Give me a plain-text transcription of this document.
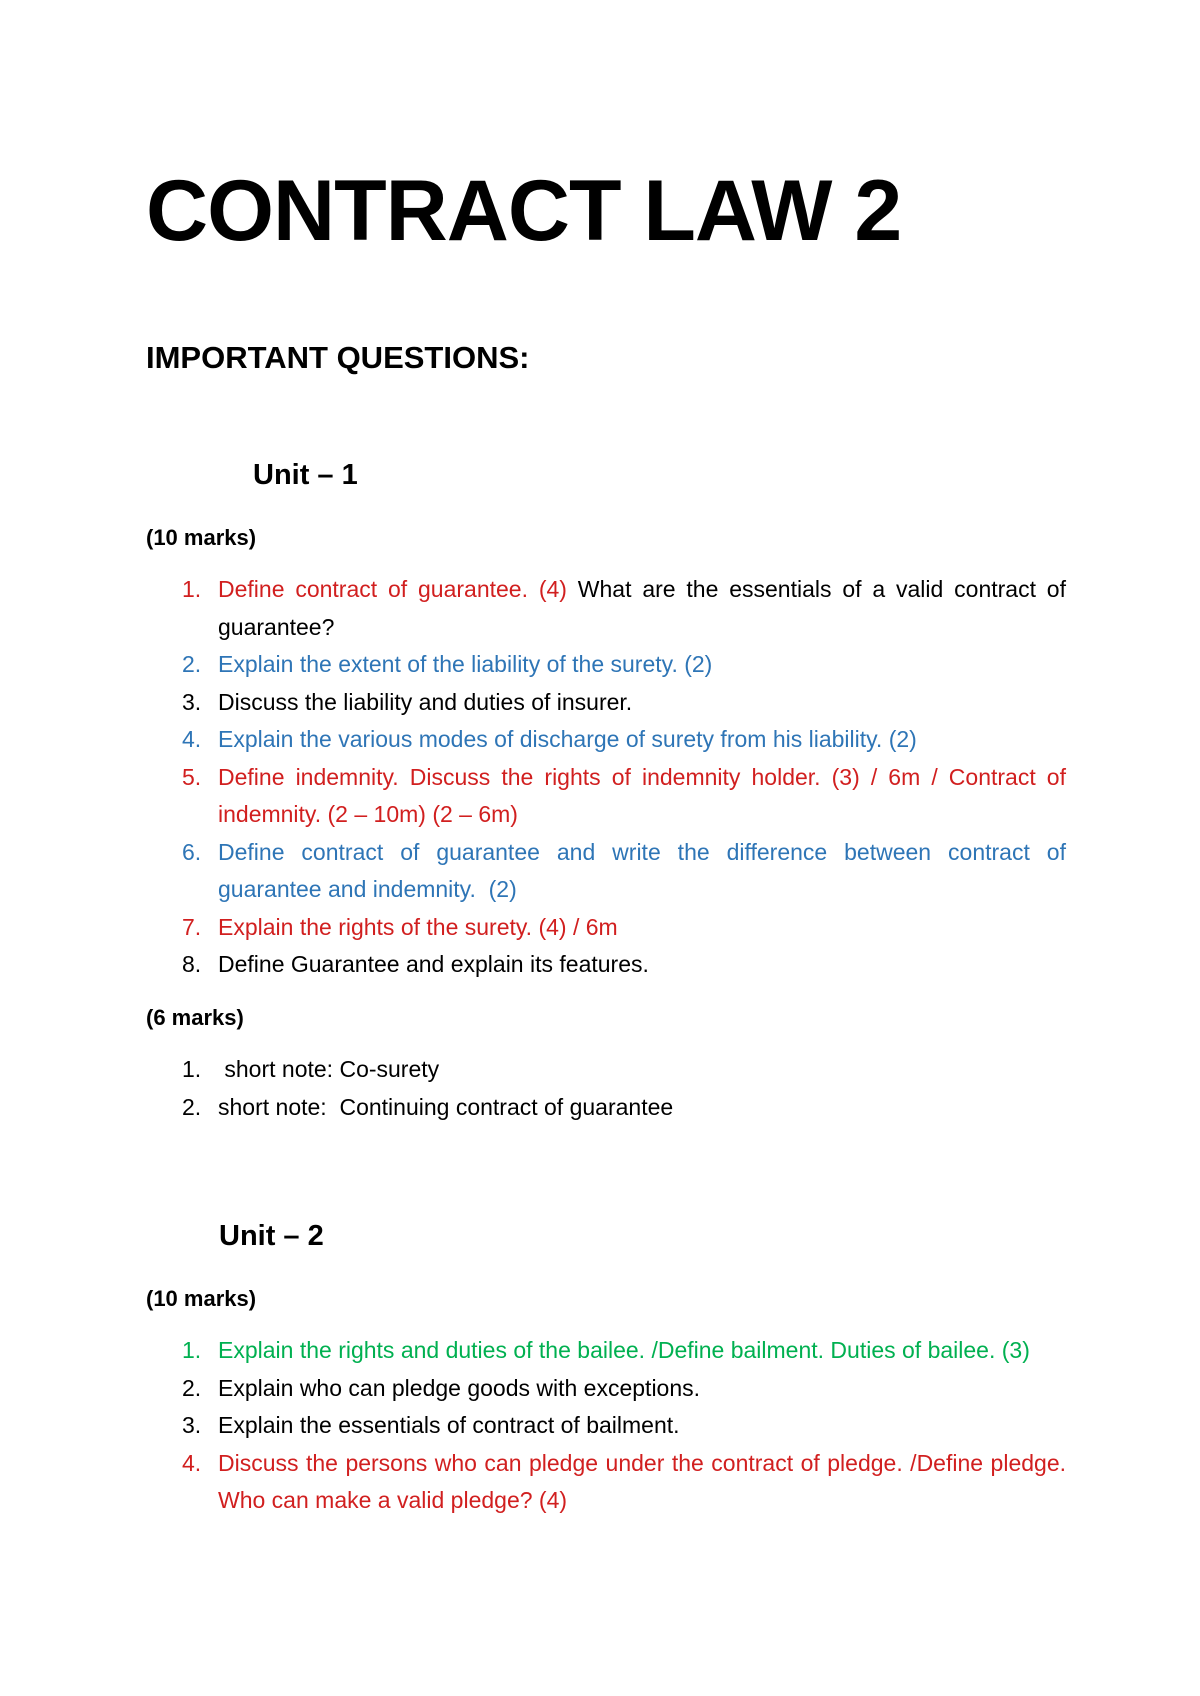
CONTRACT LAW 2
IMPORTANT QUESTIONS:
Unit – 1

(10 marks)

1. Define contract of guarantee. (4) What are the essentials of a valid contract of guarantee?
2. Explain the extent of the liability of the surety. (2)
3. Discuss the liability and duties of insurer.
4. Explain the various modes of discharge of surety from his liability. (2)
5. Define indemnity. Discuss the rights of indemnity holder. (3) / 6m / Contract of indemnity. (2 – 10m) (2 – 6m)
6. Define contract of guarantee and write the difference between contract of guarantee and indemnity.  (2)
7. Explain the rights of the surety. (4) / 6m
8. Define Guarantee and explain its features.

(6 marks)

1. short note: Co-surety
2. short note:  Continuing contract of guarantee
Unit – 2

(10 marks)

1. Explain the rights and duties of the bailee. /Define bailment. Duties of bailee. (3)
2. Explain who can pledge goods with exceptions.
3. Explain the essentials of contract of bailment.
4. Discuss the persons who can pledge under the contract of pledge. /Define pledge. Who can make a valid pledge? (4)
